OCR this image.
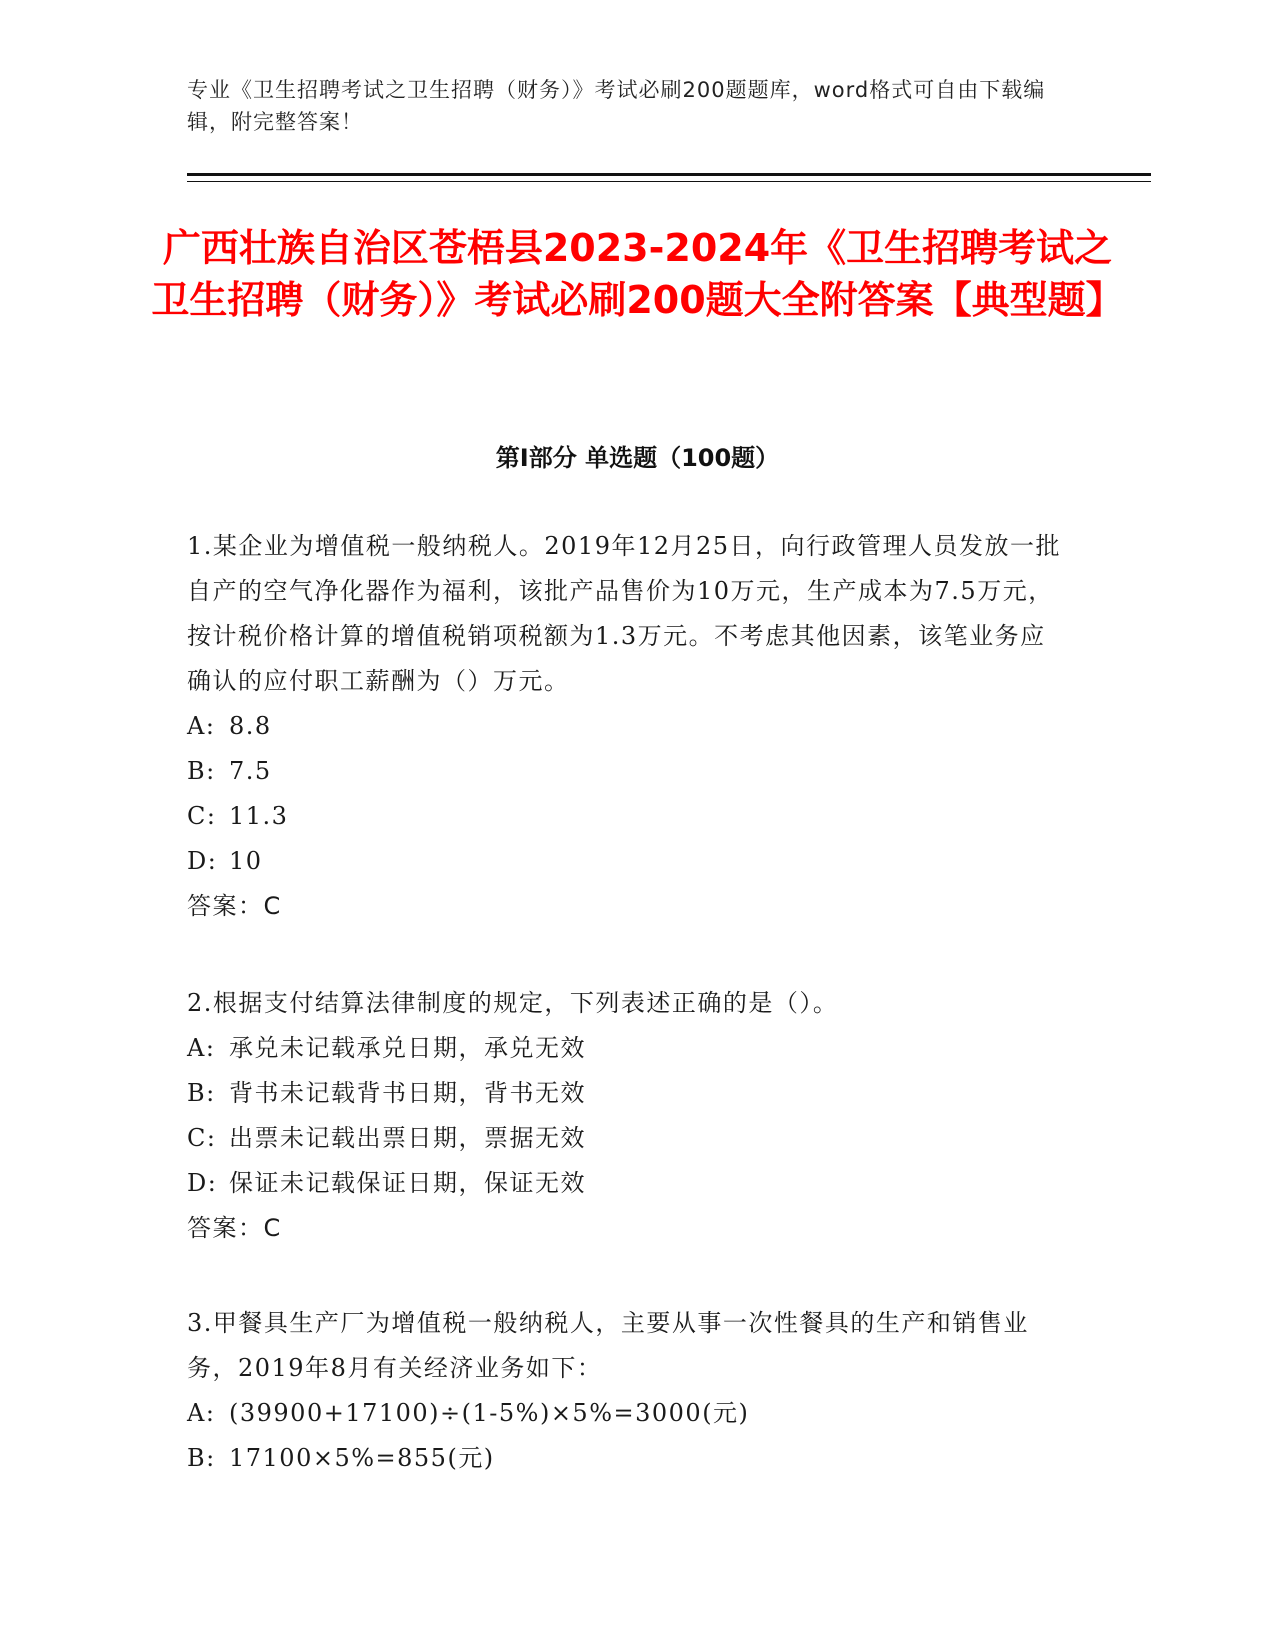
专业《卫生招聘考试之卫生招聘（财务）》考试必刷200题题库，word格式可自由下载编辑，附完整答案！
广西壮族自治区苍梧县2023-2024年《卫生招聘考试之卫生招聘（财务）》考试必刷200题大全附答案【典型题】
第Ⅰ部分 单选题（100题）
1.某企业为增值税一般纳税人。2019年12月25日，向行政管理人员发放一批自产的空气净化器作为福利，该批产品售价为10万元，生产成本为7.5万元，按计税价格计算的增值税销项税额为1.3万元。不考虑其他因素，该笔业务应确认的应付职工薪酬为（）万元。
A: 8.8
B: 7.5
C: 11.3
D: 10
答案：C
2.根据支付结算法律制度的规定，下列表述正确的是（）。
A: 承兑未记载承兑日期，承兑无效
B: 背书未记载背书日期，背书无效
C: 出票未记载出票日期，票据无效
D: 保证未记载保证日期，保证无效
答案：C
3.甲餐具生产厂为增值税一般纳税人，主要从事一次性餐具的生产和销售业务，2019年8月有关经济业务如下：
A: (39900+17100)÷(1-5%)×5%=3000(元)
B: 17100×5%=855(元)
